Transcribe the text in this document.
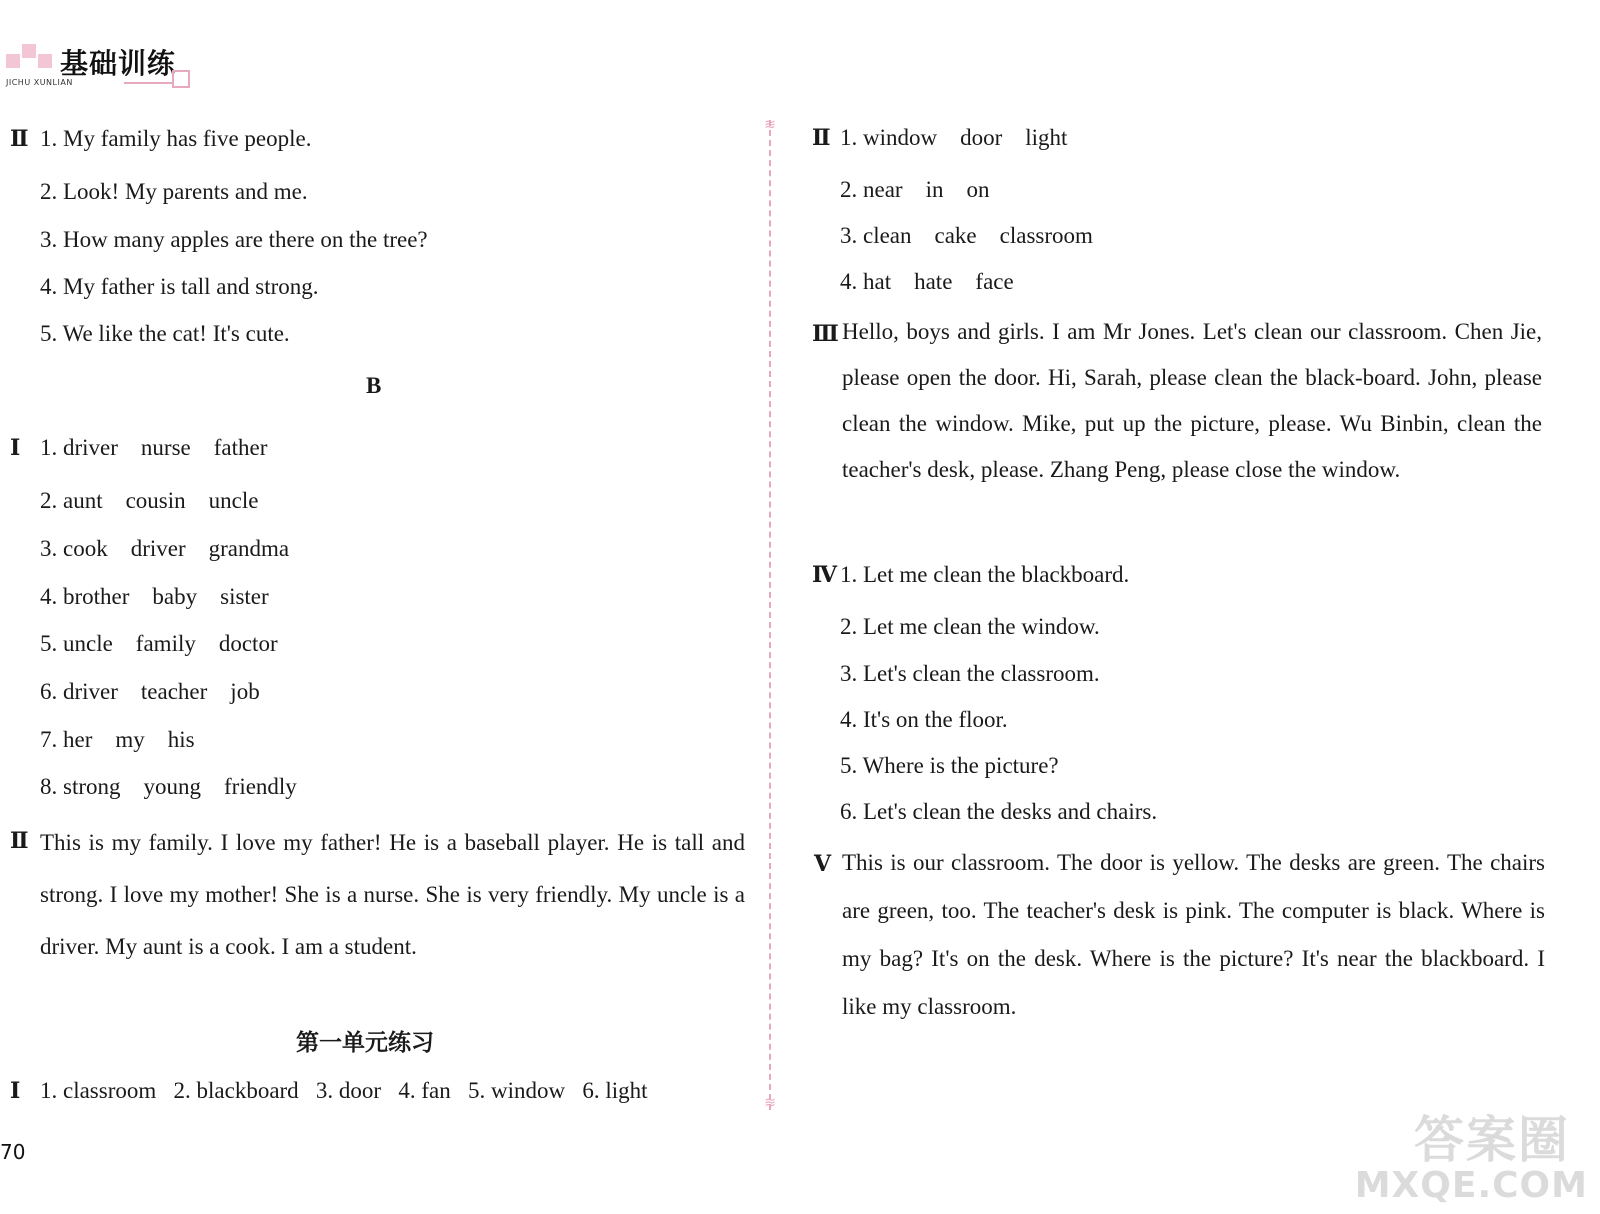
基础训练
JICHU XUNLIAN
Ⅱ 1. My family has five people.
2. Look! My parents and me.
3. How many apples are there on the tree?
4. My father is tall and strong.
5. We like the cat! It's cute.
B
Ⅰ 1. driver    nurse    father
2. aunt    cousin    uncle
3. cook    driver    grandma
4. brother    baby    sister
5. uncle    family    doctor
6. driver    teacher    job
7. her    my    his
8. strong    young    friendly
Ⅱ This is my family. I love my father! He is a baseball player. He is tall and strong. I love my mother! She is a nurse. She is very friendly. My uncle is a driver. My aunt is a cook. I am a student.
第一单元练习
Ⅰ 1. classroom   2. blackboard   3. door   4. fan   5. window   6. light
≋
≋
Ⅱ 1. window    door    light
2. near    in    on
3. clean    cake    classroom
4. hat    hate    face
Ⅲ Hello, boys and girls. I am Mr Jones. Let's clean our classroom. Chen Jie, please open the door. Hi, Sarah, please clean the black-board. John, please clean the window. Mike, put up the picture, please. Wu Binbin, clean the teacher's desk, please. Zhang Peng, please close the window.
Ⅳ 1. Let me clean the blackboard.
2. Let me clean the window.
3. Let's clean the classroom.
4. It's on the floor.
5. Where is the picture?
6. Let's clean the desks and chairs.
Ⅴ This is our classroom. The door is yellow. The desks are green. The chairs are green, too. The teacher's desk is pink. The computer is black. Where is my bag? It's on the desk. Where is the picture? It's near the blackboard. I like my classroom.
70	答案圈
MXQE.COM
